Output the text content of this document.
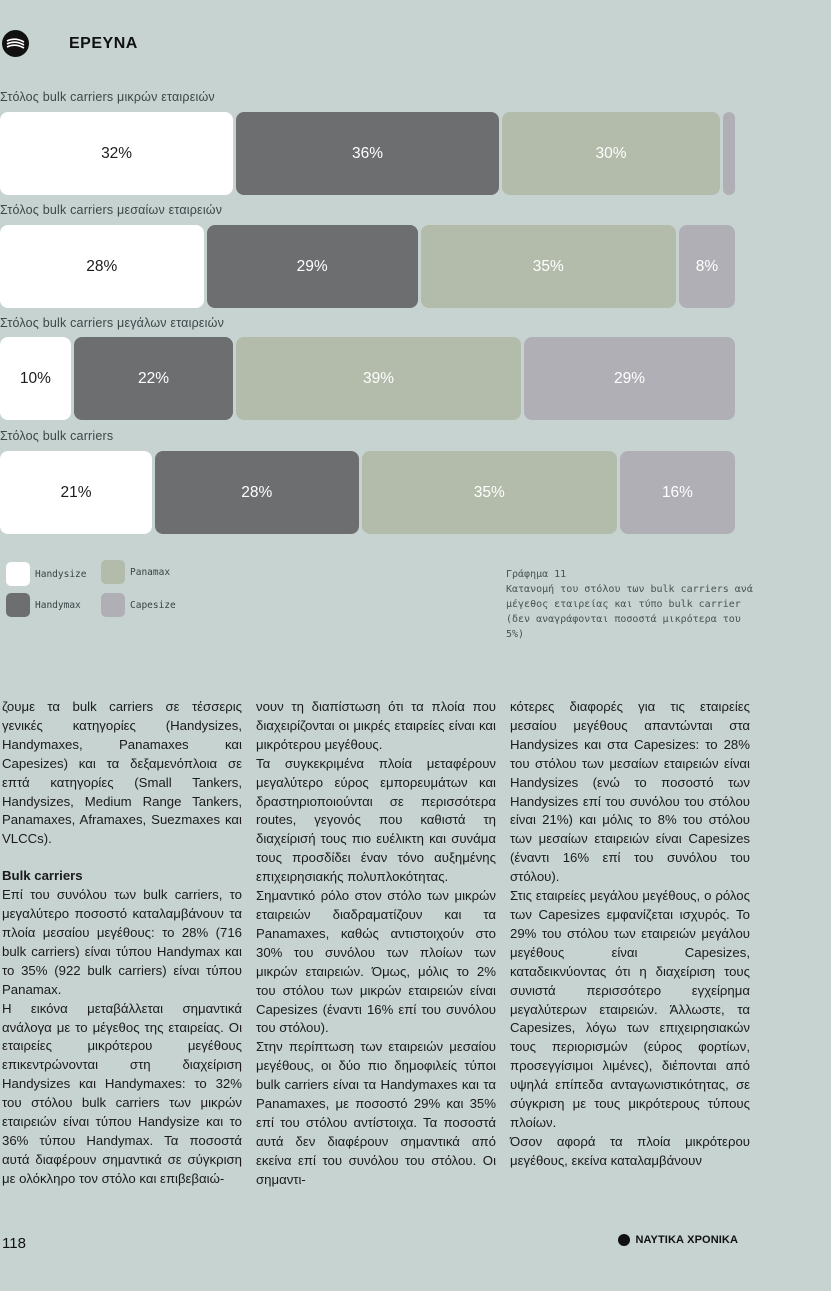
ΕΡΕΥΝΑ
Στόλος bulk carriers μικρών εταιρειών
32%	36%	30%
Στόλος bulk carriers μεσαίων εταιρειών
28%	29%	35%	8%
Στόλος bulk carriers μεγάλων εταιρειών
10%	22%	39%	29%
Στόλος bulk carriers
21%	28%	35%	16%
Handysize
Handymax
Panamax
Capesize
Γράφημα 11
Κατανομή του στόλου των bulk carriers ανά μέγεθος εταιρείας και τύπο bulk carrier (δεν αναγράφονται ποσοστά μικρότερα του 5%)

ζουμε τα bulk carriers σε τέσσερις γενικές κατηγορίες (Handysizes, Handymaxes, Panamaxes και Capesizes) και τα δεξαμενόπλοια σε επτά κατηγορίες (Small Tankers, Handysizes, Medium Range Tankers, Panamaxes, Aframaxes, Suezmaxes και VLCCs).

Bulk carriers

Επί του συνόλου των bulk carriers, το μεγαλύτερο ποσοστό καταλαμβάνουν τα πλοία μεσαίου μεγέθους: το 28% (716 bulk carriers) είναι τύπου Handymax και το 35% (922 bulk carriers) είναι τύπου Panamax.

Η εικόνα μεταβάλλεται σημαντικά ανάλογα με το μέγεθος της εταιρείας. Οι εταιρείες μικρότερου μεγέθους επικεντρώνονται στη διαχείριση Handysizes και Handymaxes: το 32% του στόλου bulk carriers των μικρών εταιρειών είναι τύπου Handysize και το 36% τύπου Handymax. Τα ποσοστά αυτά διαφέρουν σημαντικά σε σύγκριση με ολόκληρο τον στόλο και επιβεβαιώ-

νουν τη διαπίστωση ότι τα πλοία που διαχειρίζονται οι μικρές εταιρείες είναι και μικρότερου μεγέθους.

Τα συγκεκριμένα πλοία μεταφέρουν μεγαλύτερο εύρος εμπορευμάτων και δραστηριοποιούνται σε περισσότερα routes, γεγονός που καθιστά τη διαχείρισή τους πιο ευέλικτη και συνάμα τους προσδίδει έναν τόνο αυξημένης επιχειρησιακής πολυπλοκότητας.

Σημαντικό ρόλο στον στόλο των μικρών εταιρειών διαδραματίζουν και τα Panamaxes, καθώς αντιστοιχούν στο 30% του συνόλου των πλοίων των μικρών εταιρειών. Όμως, μόλις το 2% του στόλου των μικρών εταιρειών είναι Capesizes (έναντι 16% επί του συνόλου του στόλου).

Στην περίπτωση των εταιρειών μεσαίου μεγέθους, οι δύο πιο δημοφιλείς τύποι bulk carriers είναι τα Handymaxes και τα Panamaxes, με ποσοστό 29% και 35% επί του στόλου αντίστοιχα. Τα ποσοστά αυτά δεν διαφέρουν σημαντικά από εκείνα επί του συνόλου του στόλου. Οι σημαντι-

κότερες διαφορές για τις εταιρείες μεσαίου μεγέθους απαντώνται στα Handysizes και στα Capesizes: το 28% του στόλου των μεσαίων εταιρειών είναι Handysizes (ενώ το ποσοστό των Handysizes επί του συνόλου του στόλου είναι 21%) και μόλις το 8% του στόλου των μεσαίων εταιρειών είναι Capesizes (έναντι 16% επί του συνόλου του στόλου).

Στις εταιρείες μεγάλου μεγέθους, ο ρόλος των Capesizes εμφανίζεται ισχυρός. Το 29% του στόλου των εταιρειών μεγάλου μεγέθους είναι Capesizes, καταδεικνύοντας ότι η διαχείριση τους συνιστά περισσότερο εγχείρημα μεγαλύτερων εταιρειών. Άλλωστε, τα Capesizes, λόγω των επιχειρησιακών τους περιορισμών (εύρος φορτίων, προσεγγίσιμοι λιμένες), διέπονται από υψηλά επίπεδα ανταγωνιστικότητας, σε σύγκριση με τους μικρότερους τύπους πλοίων.

Όσον αφορά τα πλοία μικρότερου μεγέθους, εκείνα καταλαμβάνουν

118	ΝΑΥΤΙΚΑ ΧΡΟΝΙΚΑ
